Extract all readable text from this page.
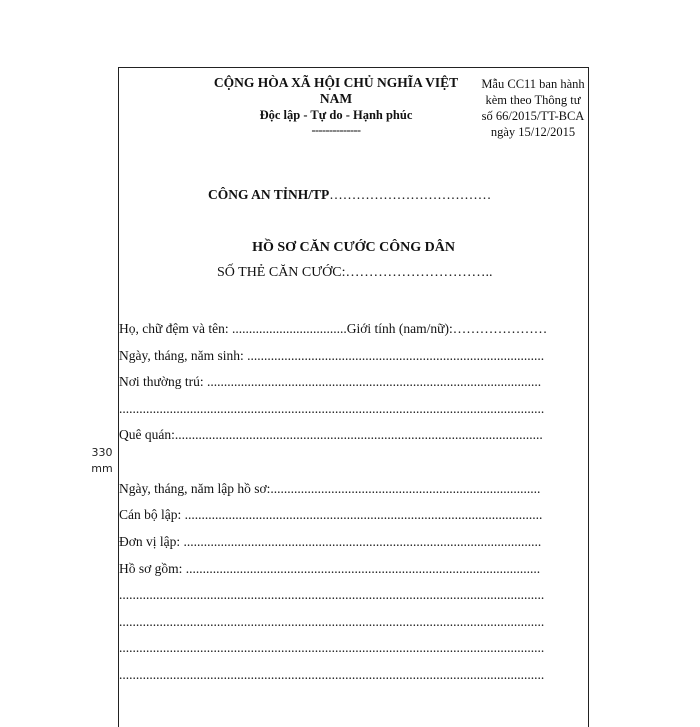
CỘNG HÒA XÃ HỘI CHỦ NGHĨA VIỆT
NAM
Độc lập - Tự do - Hạnh phúc
--------------
Mẫu CC11 ban hành
kèm theo Thông tư
số 66/2015/TT-BCA
ngày 15/12/2015
CÔNG AN TỈNH/TP………………………………
HỒ SƠ CĂN CƯỚC CÔNG DÂN
SỐ THẺ CĂN CƯỚC:…………………………..
330
mm
Họ, chữ đệm và tên: ..................................Giới tính (nam/nữ):…………………
Ngày, tháng, năm sinh: ........................................................................................
Nơi thường trú: ...................................................................................................
..............................................................................................................................
Quê quán:.............................................................................................................
Ngày, tháng, năm lập hồ sơ:................................................................................
Cán bộ lập: ..........................................................................................................
Đơn vị lập: ..........................................................................................................
Hồ sơ gồm: .........................................................................................................
..............................................................................................................................
..............................................................................................................................
..............................................................................................................................
..............................................................................................................................
